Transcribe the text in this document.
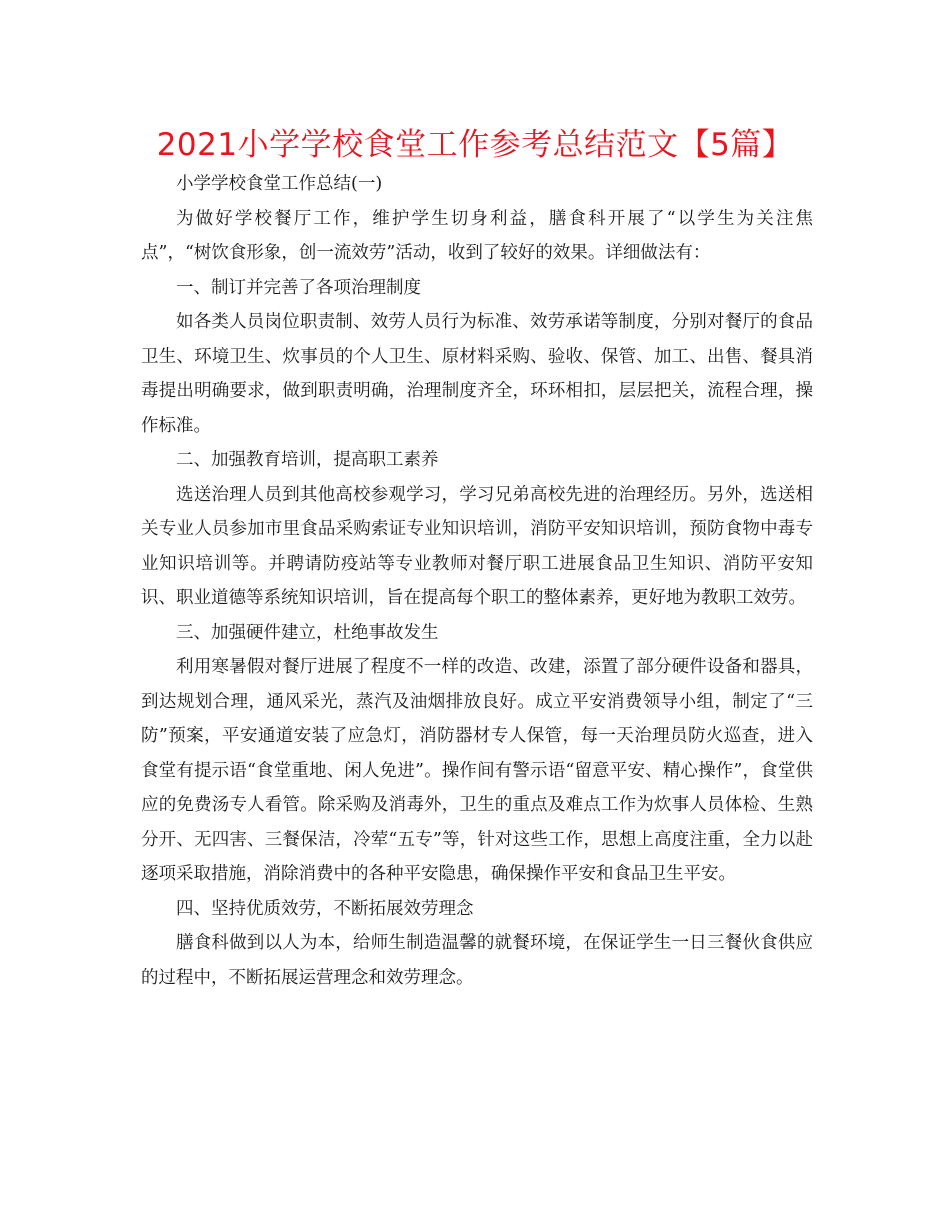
2021小学学校食堂工作参考总结范文【5篇】

小学学校食堂工作总结(一)

为做好学校餐厅工作，维护学生切身利益，膳食科开展了“以学生为关注焦点”，“树饮食形象，创一流效劳”活动，收到了较好的效果。详细做法有：

一、制订并完善了各项治理制度

如各类人员岗位职责制、效劳人员行为标准、效劳承诺等制度，分别对餐厅的食品卫生、环境卫生、炊事员的个人卫生、原材料采购、验收、保管、加工、出售、餐具消毒提出明确要求，做到职责明确，治理制度齐全，环环相扣，层层把关，流程合理，操作标准。

二、加强教育培训，提高职工素养

选送治理人员到其他高校参观学习，学习兄弟高校先进的治理经历。另外，选送相关专业人员参加市里食品采购索证专业知识培训，消防平安知识培训，预防食物中毒专业知识培训等。并聘请防疫站等专业教师对餐厅职工进展食品卫生知识、消防平安知识、职业道德等系统知识培训，旨在提高每个职工的整体素养，更好地为教职工效劳。

三、加强硬件建立，杜绝事故发生

利用寒暑假对餐厅进展了程度不一样的改造、改建，添置了部分硬件设备和器具，到达规划合理，通风采光，蒸汽及油烟排放良好。成立平安消费领导小组，制定了“三防”预案，平安通道安装了应急灯，消防器材专人保管，每一天治理员防火巡查，进入食堂有提示语“食堂重地、闲人免进”。操作间有警示语“留意平安、精心操作”，食堂供应的免费汤专人看管。除采购及消毒外，卫生的重点及难点工作为炊事人员体检、生熟分开、无四害、三餐保洁，冷荤“五专”等，针对这些工作，思想上高度注重，全力以赴逐项采取措施，消除消费中的各种平安隐患，确保操作平安和食品卫生平安。

四、坚持优质效劳，不断拓展效劳理念

膳食科做到以人为本，给师生制造温馨的就餐环境，在保证学生一日三餐伙食供应的过程中，不断拓展运营理念和效劳理念。
